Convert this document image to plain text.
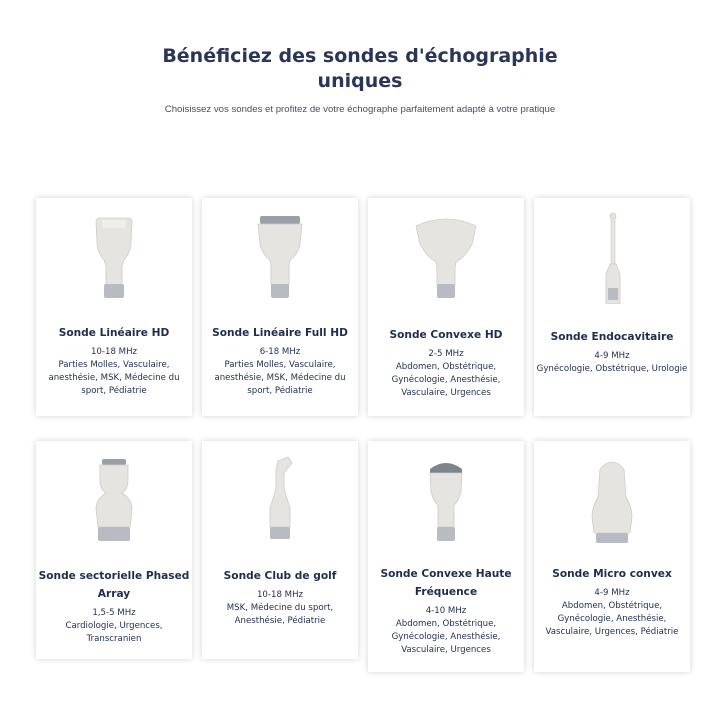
Bénéficiez des sondes d'échographie uniques

Choisissez vos sondes et profitez de votre échographe parfaitement adapté à votre pratique

Sonde Linéaire HD

10-18 MHz

Parties Molles, Vasculaire, anesthésie, MSK, Médecine du sport, Pédiatrie

Sonde Linéaire Full HD

6-18 MHz

Parties Molles, Vasculaire, anesthésie, MSK, Médecine du sport, Pédiatrie

Sonde Convexe HD

2-5 MHz

Abdomen, Obstétrique, Gynécologie, Anesthésie, Vasculaire, Urgences

Sonde Endocavitaire

4-9 MHz

Gynécologie, Obstétrique, Urologie

Sonde sectorielle Phased Array

1,5-5 MHz

Cardiologie, Urgences, Transcranien

Sonde Club de golf

10-18 MHz

MSK, Médecine du sport, Anesthésie, Pédiatrie

Sonde Convexe Haute Fréquence

4-10 MHz

Abdomen, Obstétrique, Gynécologie, Anesthésie, Vasculaire, Urgences

Sonde Micro convex

4-9 MHz

Abdomen, Obstétrique, Gynécologie, Anesthésie, Vasculaire, Urgences, Pédiatrie
